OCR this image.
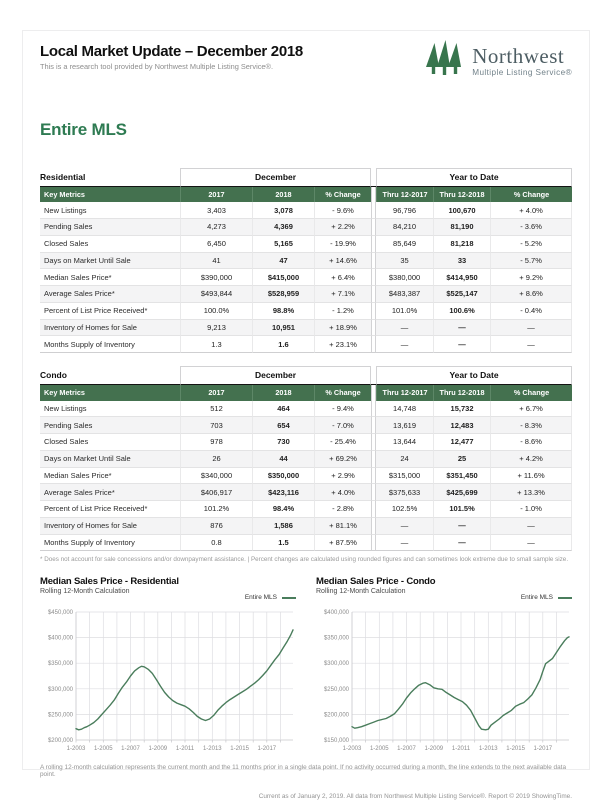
Local Market Update – December 2018

This is a research tool provided by Northwest Multiple Listing Service®.	Northwest
Multiple Listing Service®
Entire MLS
Residential	December				Year to Date		
Key Metrics	2017	2018	% Change		Thru 12-2017	Thru 12-2018	% Change
New Listings	3,403	3,078	- 9.6%		96,796	100,670	+ 4.0%
Pending Sales	4,273	4,369	+ 2.2%		84,210	81,190	- 3.6%
Closed Sales	6,450	5,165	- 19.9%		85,649	81,218	- 5.2%
Days on Market Until Sale	41	47	+ 14.6%		35	33	- 5.7%
Median Sales Price*	$390,000	$415,000	+ 6.4%		$380,000	$414,950	+ 9.2%
Average Sales Price*	$493,844	$528,959	+ 7.1%		$483,387	$525,147	+ 8.6%
Percent of List Price Received*	100.0%	98.8%	- 1.2%		101.0%	100.6%	- 0.4%
Inventory of Homes for Sale	9,213	10,951	+ 18.9%		—	—	—
Months Supply of Inventory	1.3	1.6	+ 23.1%		—	—	—
Condo	December				Year to Date		
Key Metrics	2017	2018	% Change		Thru 12-2017	Thru 12-2018	% Change
New Listings	512	464	- 9.4%		14,748	15,732	+ 6.7%
Pending Sales	703	654	- 7.0%		13,619	12,483	- 8.3%
Closed Sales	978	730	- 25.4%		13,644	12,477	- 8.6%
Days on Market Until Sale	26	44	+ 69.2%		24	25	+ 4.2%
Median Sales Price*	$340,000	$350,000	+ 2.9%		$315,000	$351,450	+ 11.6%
Average Sales Price*	$406,917	$423,116	+ 4.0%		$375,633	$425,699	+ 13.3%
Percent of List Price Received*	101.2%	98.4%	- 2.8%		102.5%	101.5%	- 1.0%
Inventory of Homes for Sale	876	1,586	+ 81.1%		—	—	—
Months Supply of Inventory	0.8	1.5	+ 87.5%		—	—	—

* Does not account for sale concessions and/or downpayment assistance. | Percent changes are calculated using rounded figures and can sometimes look extreme due to small sample size.

Median Sales Price - Residential

Rolling 12-Month Calculation

Entire MLS
$200,000
$250,000
$300,000
$350,000
$400,000
$450,000
1-2003 1-2005 1-2007 1-2009 1-2011 1-2013 1-2015 1-2017

Median Sales Price - Condo

Rolling 12-Month Calculation

Entire MLS
$150,000
$200,000
$250,000
$300,000
$350,000
$400,000
1-2003 1-2005 1-2007 1-2009 1-2011 1-2013 1-2015 1-2017

A rolling 12-month calculation represents the current month and the 11 months prior in a single data point. If no activity occurred during a month, the line extends to the next available data point.

Current as of January 2, 2019. All data from Northwest Multiple Listing Service®. Report © 2019 ShowingTime.
